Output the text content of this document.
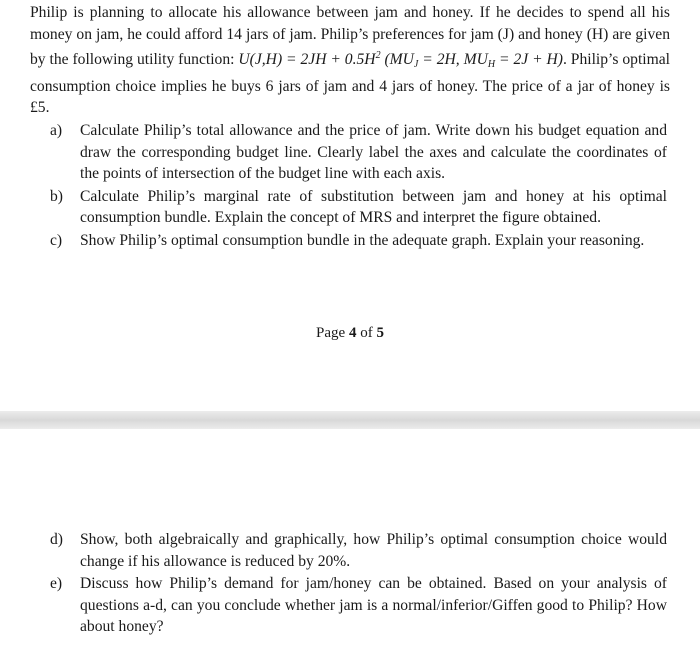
Philip is planning to allocate his allowance between jam and honey. If he decides to spend all his money on jam, he could afford 14 jars of jam. Philip’s preferences for jam (J) and honey (H) are given by the following utility function: $U(J,H) = 2JH + 0.5H^2$ ($MU_J = 2H$, $MU_H = 2J + H$). Philip’s optimal consumption choice implies he buys 6 jars of jam and 4 jars of honey. The price of a jar of honey is £5.
a) Calculate Philip’s total allowance and the price of jam. Write down his budget equation and draw the corresponding budget line. Clearly label the axes and calculate the coordinates of the points of intersection of the budget line with each axis.
b) Calculate Philip’s marginal rate of substitution between jam and honey at his optimal consumption bundle. Explain the concept of MRS and interpret the figure obtained.
c) Show Philip’s optimal consumption bundle in the adequate graph. Explain your reasoning.
Page 4 of 5
d) Show, both algebraically and graphically, how Philip’s optimal consumption choice would change if his allowance is reduced by 20%.
e) Discuss how Philip’s demand for jam/honey can be obtained. Based on your analysis of questions a-d, can you conclude whether jam is a normal/inferior/Giffen good to Philip? How about honey?
